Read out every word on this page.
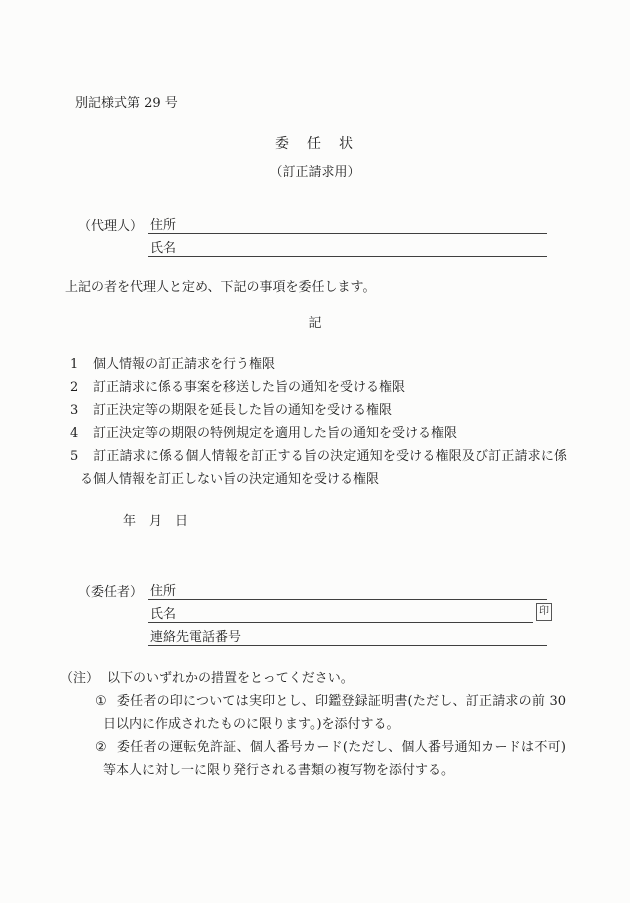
別記様式第 29 号
委　任　状
（訂正請求用）
（代理人） 住所
氏名
上記の者を代理人と定め、下記の事項を委任します。
記
1 個人情報の訂正請求を行う権限
2 訂正請求に係る事案を移送した旨の通知を受ける権限
3 訂正決定等の期限を延長した旨の通知を受ける権限
4 訂正決定等の期限の特例規定を適用した旨の通知を受ける権限
5 訂正請求に係る個人情報を訂正する旨の決定通知を受ける権限及び訂正請求に係る個人情報を訂正しない旨の決定通知を受ける権限
年　月　日
（委任者） 住所
氏名	印
連絡先電話番号
（注） 以下のいずれかの措置をとってください。
① 委任者の印については実印とし、印鑑登録証明書(ただし、訂正請求の前 30 日以内に作成されたものに限ります。)を添付する。
② 委任者の運転免許証、個人番号カード(ただし、個人番号通知カードは不可)等本人に対し一に限り発行される書類の複写物を添付する。
